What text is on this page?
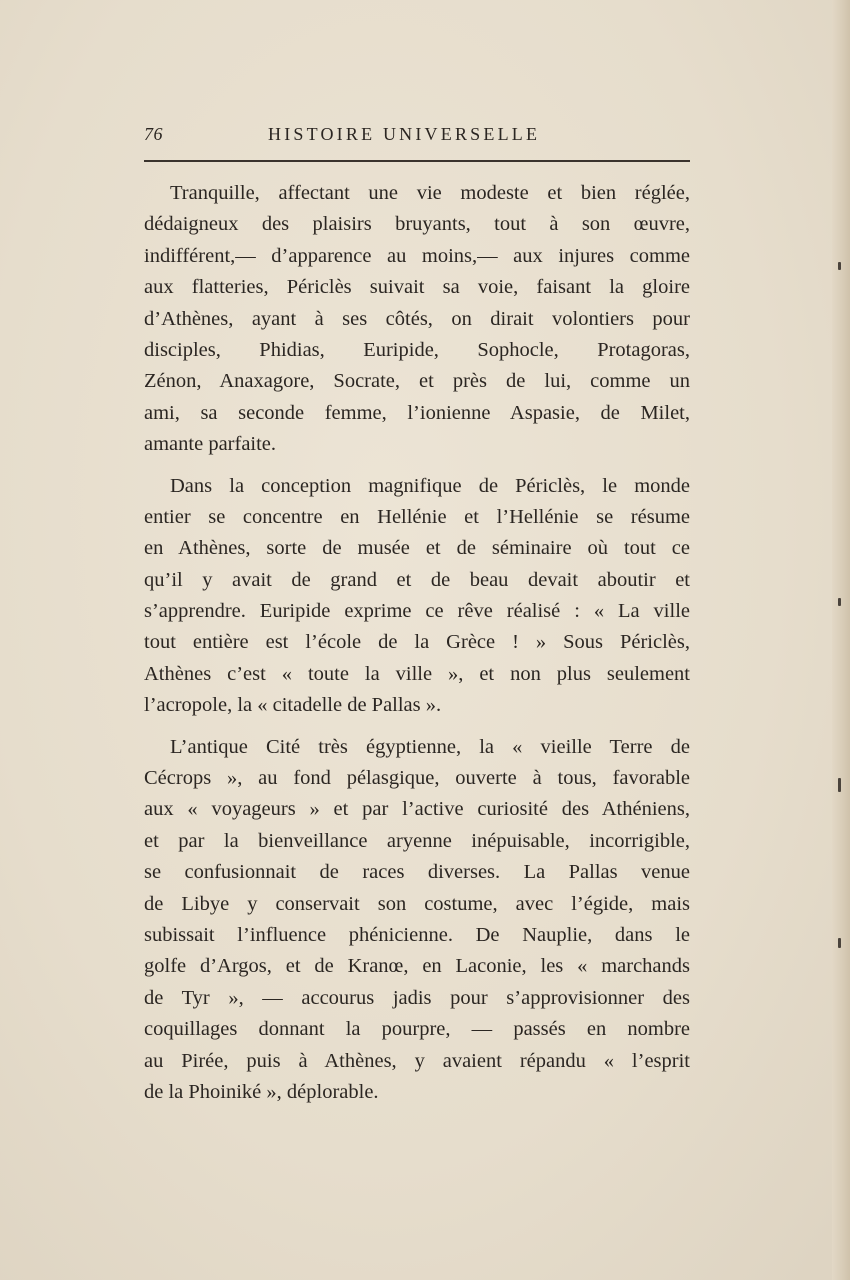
76	HISTOIRE UNIVERSELLE
Tranquille, affectant une vie modeste et bien réglée,
dédaigneux des plaisirs bruyants, tout à son œuvre,
indifférent,— d’apparence au moins,— aux injures comme
aux flatteries, Périclès suivait sa voie, faisant la gloire
d’Athènes, ayant à ses côtés, on dirait volontiers pour
disciples, Phidias, Euripide, Sophocle, Protagoras,
Zénon, Anaxagore, Socrate, et près de lui, comme un
ami, sa seconde femme, l’ionienne Aspasie, de Milet,
amante parfaite.
Dans la conception magnifique de Périclès, le monde
entier se concentre en Hellénie et l’Hellénie se résume
en Athènes, sorte de musée et de séminaire où tout ce
qu’il y avait de grand et de beau devait aboutir et
s’apprendre. Euripide exprime ce rêve réalisé : « La ville
tout entière est l’école de la Grèce ! » Sous Périclès,
Athènes c’est « toute la ville », et non plus seulement
l’acropole, la « citadelle de Pallas ».
L’antique Cité très égyptienne, la « vieille Terre de
Cécrops », au fond pélasgique, ouverte à tous, favorable
aux « voyageurs » et par l’active curiosité des Athéniens,
et par la bienveillance aryenne inépuisable, incorrigible,
se confusionnait de races diverses. La Pallas venue
de Libye y conservait son costume, avec l’égide, mais
subissait l’influence phénicienne. De Nauplie, dans le
golfe d’Argos, et de Kranœ, en Laconie, les « marchands
de Tyr », — accourus jadis pour s’approvisionner des
coquillages donnant la pourpre, — passés en nombre
au Pirée, puis à Athènes, y avaient répandu « l’esprit
de la Phoiniké », déplorable.
